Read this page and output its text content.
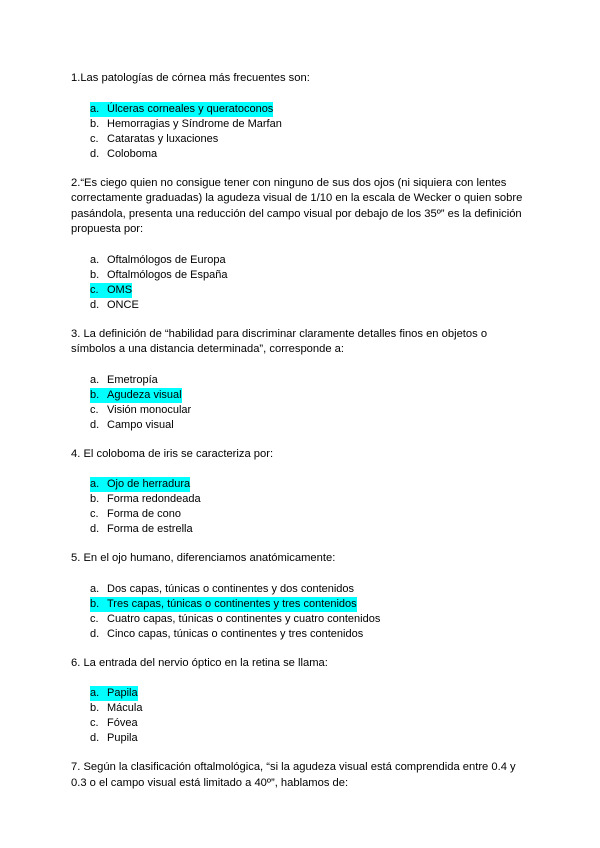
1.Las patologías de córnea más frecuentes son:

a. Úlceras corneales y queratoconos
b. Hemorragias y Síndrome de Marfan
c. Cataratas y luxaciones
d. Coloboma

2.“Es ciego quien no consigue tener con ninguno de sus dos ojos (ni siquiera con lentes correctamente graduadas) la agudeza visual de 1/10 en la escala de Wecker o quien sobre pasándola, presenta una reducción del campo visual por debajo de los 35º” es la definición propuesta por:

a. Oftalmólogos de Europa
b. Oftalmólogos de España
c. OMS
d. ONCE

3. La definición de “habilidad para discriminar claramente detalles finos en objetos o símbolos a una distancia determinada”, corresponde a:

a. Emetropía
b. Agudeza visual
c. Visión monocular
d. Campo visual

4. El coloboma de iris se caracteriza por:

a. Ojo de herradura
b. Forma redondeada
c. Forma de cono
d. Forma de estrella

5. En el ojo humano, diferenciamos anatómicamente:

a. Dos capas, túnicas o continentes y dos contenidos
b. Tres capas, túnicas o continentes y tres contenidos
c. Cuatro capas, túnicas o continentes y cuatro contenidos
d. Cinco capas, túnicas o continentes y tres contenidos

6. La entrada del nervio óptico en la retina se llama:

a. Papila
b. Mácula
c. Fóvea
d. Pupila

7. Según la clasificación oftalmológica, “si la agudeza visual está comprendida entre 0.4 y 0.3 o el campo visual está limitado a 40º”, hablamos de:
